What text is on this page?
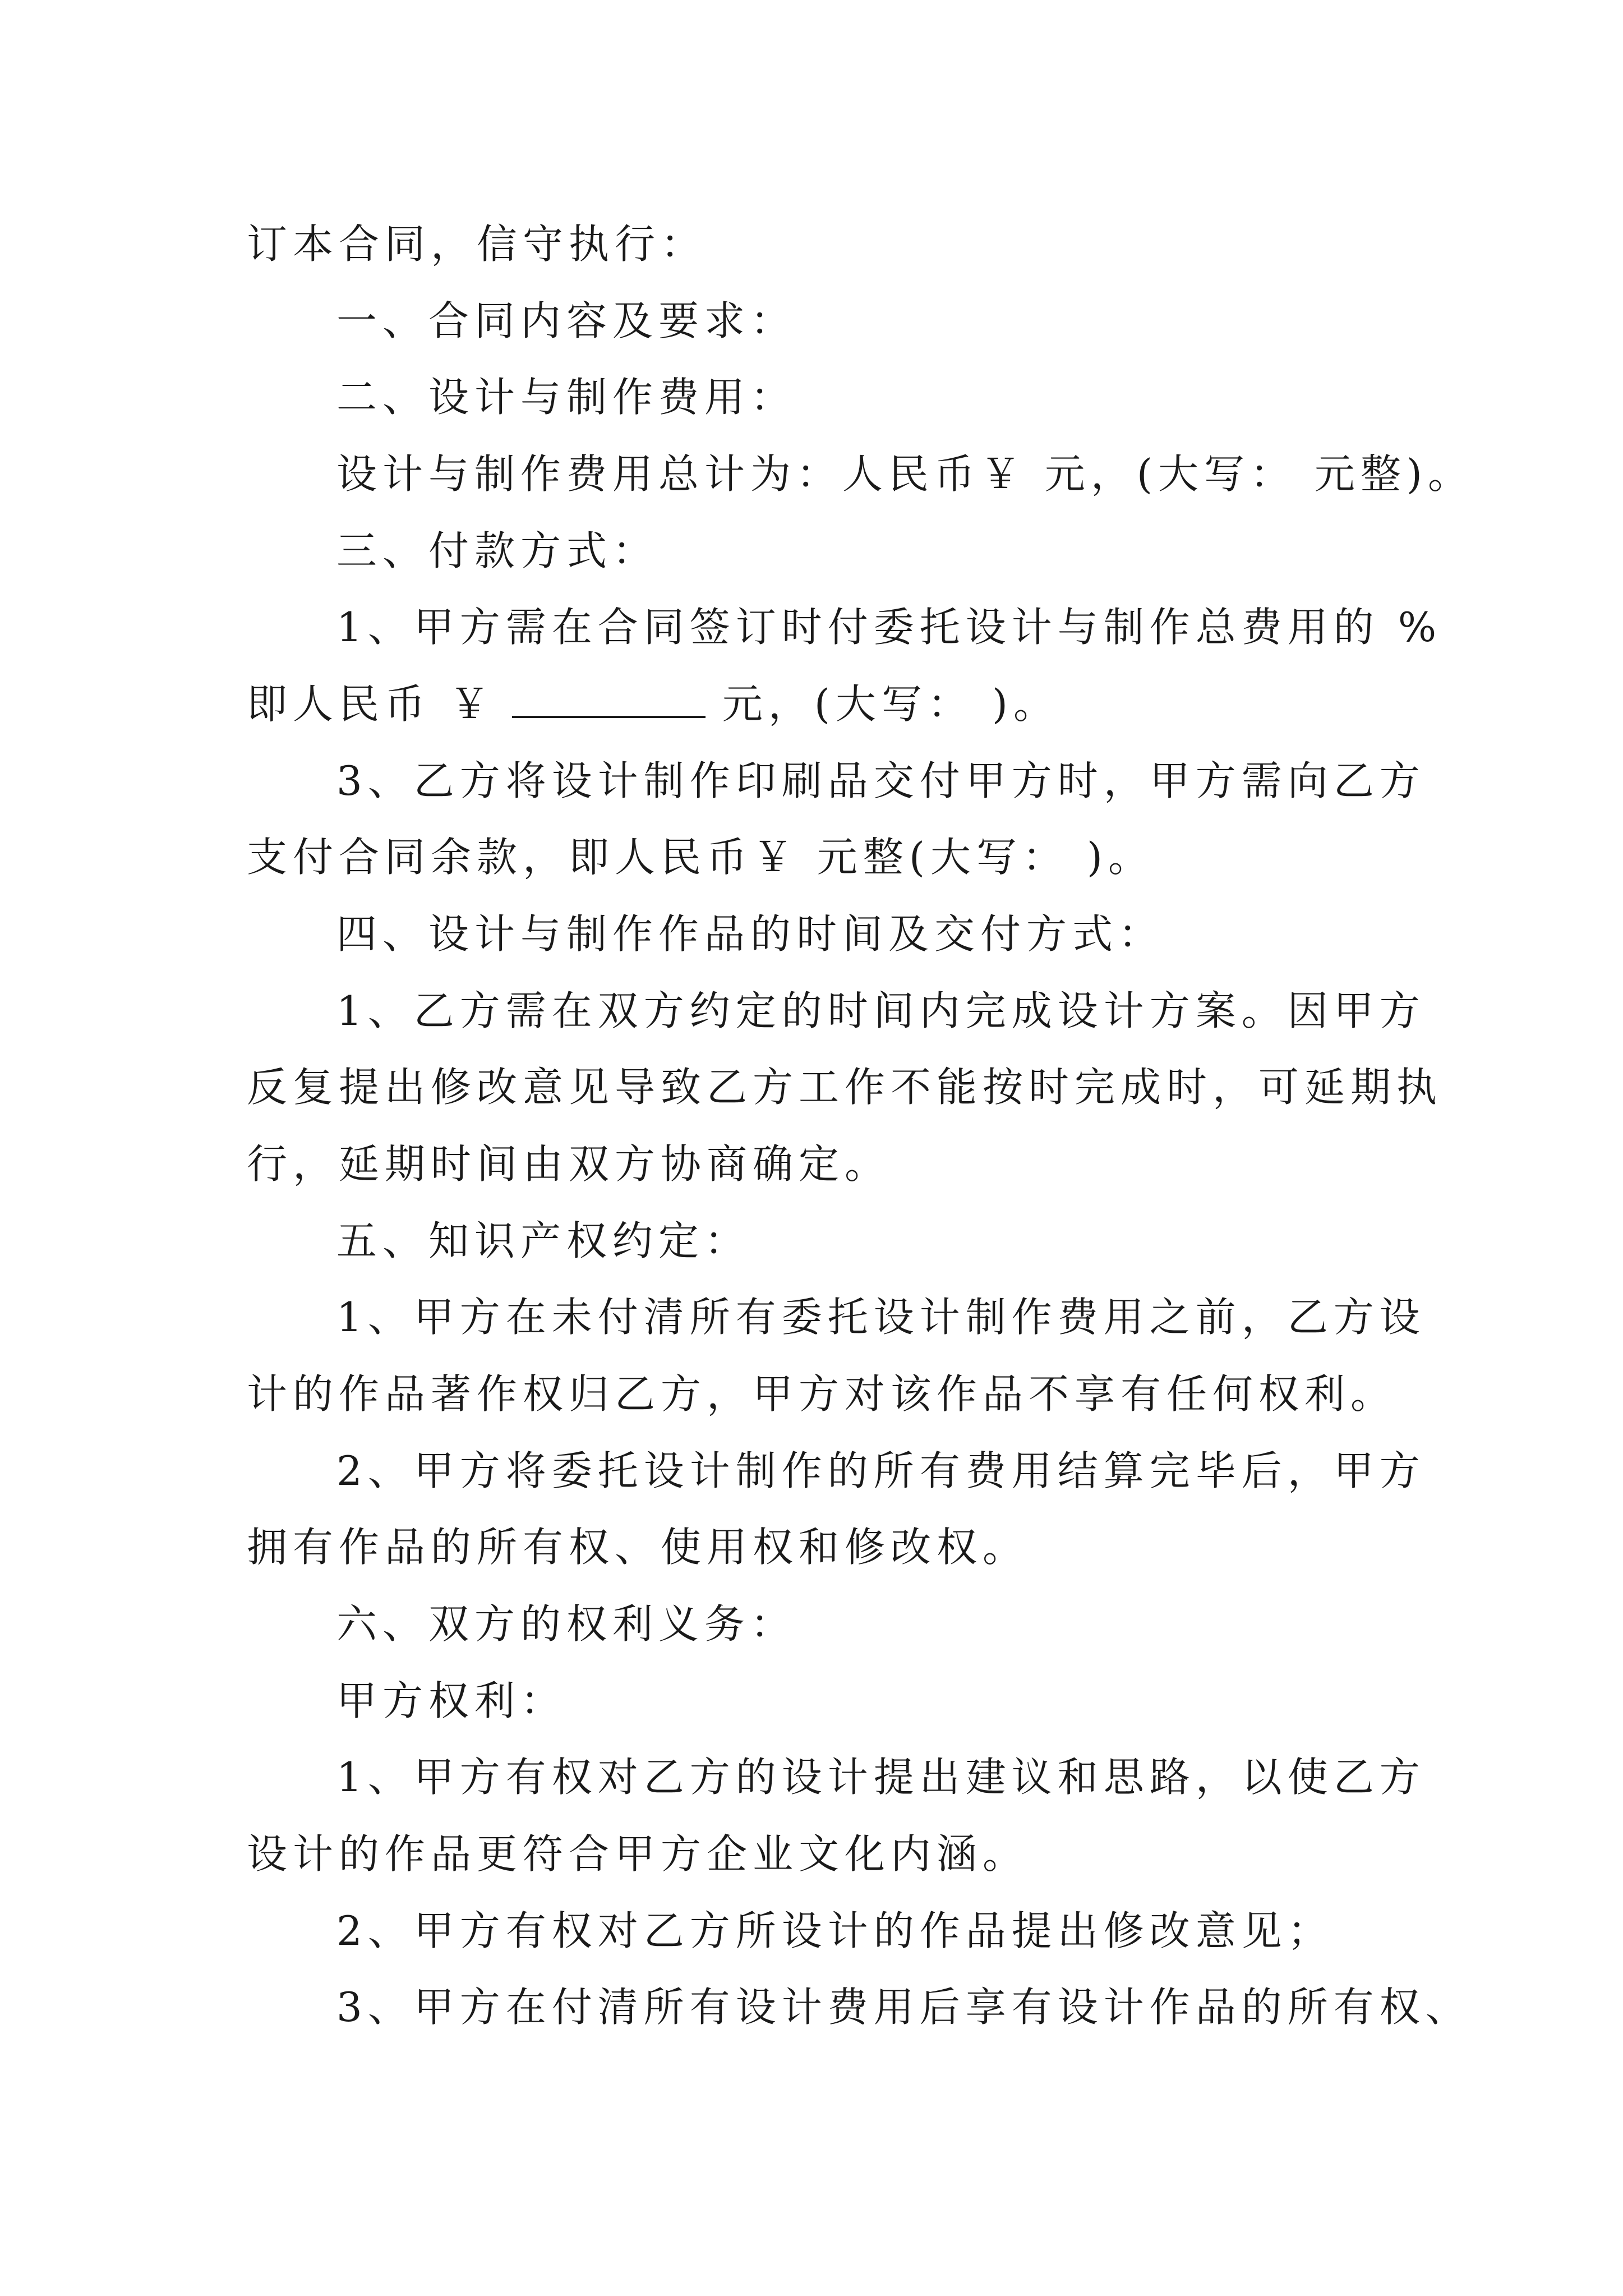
订本合同，信守执行：
一、合同内容及要求：
二、设计与制作费用：
设计与制作费用总计为：人民币￥ 元，(大写： 元整)。
三、付款方式：
1、甲方需在合同签订时付委托设计与制作总费用的 %
即人民币 ￥	元，(大写： )。
3、乙方将设计制作印刷品交付甲方时，甲方需向乙方
支付合同余款，即人民币￥ 元整(大写： )。
四、设计与制作作品的时间及交付方式：
1、乙方需在双方约定的时间内完成设计方案。因甲方
反复提出修改意见导致乙方工作不能按时完成时，可延期执
行，延期时间由双方协商确定。
五、知识产权约定：
1、甲方在未付清所有委托设计制作费用之前，乙方设
计的作品著作权归乙方，甲方对该作品不享有任何权利。
2、甲方将委托设计制作的所有费用结算完毕后，甲方
拥有作品的所有权、使用权和修改权。
六、双方的权利义务：
甲方权利：
1、甲方有权对乙方的设计提出建议和思路，以使乙方
设计的作品更符合甲方企业文化内涵。
2、甲方有权对乙方所设计的作品提出修改意见；
3、甲方在付清所有设计费用后享有设计作品的所有权、
